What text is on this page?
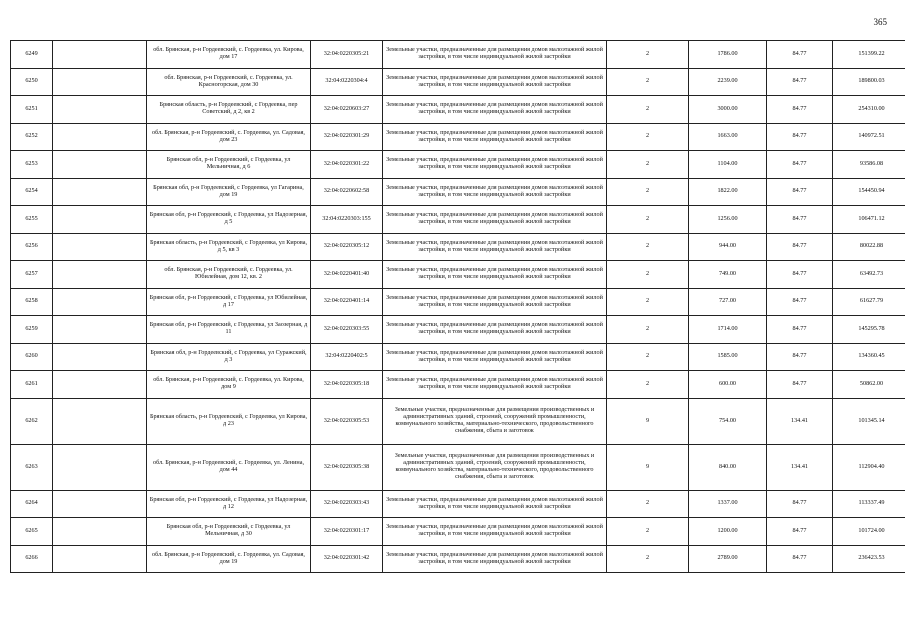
365
6249		обл. Брянская, р-н Гордеевский, с. Гордеевка, ул. Кирова, дом 17	32:04:0220305:21	Земельные участки, предназначенные для размещения домов малоэтажной жилой застройки, в том числе индивидуальной жилой застройки	2	1786.00	84.77	151399.22
6250		обл. Брянская, р-н Гордеевский, с. Гордеевка, ул. Красногорская, дом 30	32:04:0220304:4	Земельные участки, предназначенные для размещения домов малоэтажной жилой застройки, в том числе индивидуальной жилой застройки	2	2239.00	84.77	189800.03
6251		Брянская область, р-н Гордеевский, с Гордеевка, пер Советский, д 2, кв 2	32:04:0220603:27	Земельные участки, предназначенные для размещения домов малоэтажной жилой застройки, в том числе индивидуальной жилой застройки	2	3000.00	84.77	254310.00
6252		обл. Брянская, р-н Гордеевский, с. Гордеевка, ул. Садовая, дом 23	32:04:0220301:29	Земельные участки, предназначенные для размещения домов малоэтажной жилой застройки, в том числе индивидуальной жилой застройки	2	1663.00	84.77	140972.51
6253		Брянская обл, р-н Гордеевский, с Гордеевка, ул Мельничная, д 6	32:04:0220301:22	Земельные участки, предназначенные для размещения домов малоэтажной жилой застройки, в том числе индивидуальной жилой застройки	2	1104.00	84.77	93586.08
6254		Брянская обл, р-н Гордеевский, с Гордеевка, ул Гагарина, дом 19	32:04:0220602:58	Земельные участки, предназначенные для размещения домов малоэтажной жилой застройки, в том числе индивидуальной жилой застройки	2	1822.00	84.77	154450.94
6255		Брянская обл, р-н Гордеевский, с Гордеевка, ул Надозерная, д 5	32:04:0220303:155	Земельные участки, предназначенные для размещения домов малоэтажной жилой застройки, в том числе индивидуальной жилой застройки	2	1256.00	84.77	106471.12
6256		Брянская область, р-н Гордеевский, с Гордеевка, ул Кирова, д 5, кв 3	32:04:0220305:12	Земельные участки, предназначенные для размещения домов малоэтажной жилой застройки, в том числе индивидуальной жилой застройки	2	944.00	84.77	80022.88
6257		обл. Брянская, р-н Гордеевский, с. Гордеевка, ул. Юбилейная, дом 12, кв. 2	32:04:0220401:40	Земельные участки, предназначенные для размещения домов малоэтажной жилой застройки, в том числе индивидуальной жилой застройки	2	749.00	84.77	63492.73
6258		Брянская обл, р-н Гордеевский, с Гордеевка, ул Юбилейная, д 17	32:04:0220401:14	Земельные участки, предназначенные для размещения домов малоэтажной жилой застройки, в том числе индивидуальной жилой застройки	2	727.00	84.77	61627.79
6259		Брянская обл, р-н Гордеевский, с Гордеевка, ул Заозерная, д 11	32:04:0220303:55	Земельные участки, предназначенные для размещения домов малоэтажной жилой застройки, в том числе индивидуальной жилой застройки	2	1714.00	84.77	145295.78
6260		Брянская обл, р-н Гордеевский, с Гордеевка, ул Суражский, д 3	32:04:0220402:5	Земельные участки, предназначенные для размещения домов малоэтажной жилой застройки, в том числе индивидуальной жилой застройки	2	1585.00	84.77	134360.45
6261		обл. Брянская, р-н Гордеевский, с. Гордеевка, ул. Кирова, дом 9	32:04:0220305:18	Земельные участки, предназначенные для размещения домов малоэтажной жилой застройки, в том числе индивидуальной жилой застройки	2	600.00	84.77	50862.00
6262		Брянская область, р-н Гордеевский, с Гордеевка, ул Кирова, д 23	32:04:0220305:53	Земельные участки, предназначенные для размещения производственных и административных зданий, строений, сооружений промышленности, коммунального хозяйства, материально-технического, продовольственного снабжения, сбыта и заготовок	9	754.00	134.41	101345.14
6263		обл. Брянская, р-н Гордеевский, с. Гордеевка, ул. Ленина, дом 44	32:04:0220305:38	Земельные участки, предназначенные для размещения производственных и административных зданий, строений, сооружений промышленности, коммунального хозяйства, материально-технического, продовольственного снабжения, сбыта и заготовок	9	840.00	134.41	112904.40
6264		Брянская обл, р-н Гордеевский, с Гордеевка, ул Надозерная, д 12	32:04:0220303:43	Земельные участки, предназначенные для размещения домов малоэтажной жилой застройки, в том числе индивидуальной жилой застройки	2	1337.00	84.77	113337.49
6265		Брянская обл, р-н Гордеевский, с Гордеевка, ул Мельничная, д 30	32:04:0220301:17	Земельные участки, предназначенные для размещения домов малоэтажной жилой застройки, в том числе индивидуальной жилой застройки	2	1200.00	84.77	101724.00
6266		обл. Брянская, р-н Гордеевский, с. Гордеевка, ул. Садовая, дом 19	32:04:0220301:42	Земельные участки, предназначенные для размещения домов малоэтажной жилой застройки, в том числе индивидуальной жилой застройки	2	2789.00	84.77	236423.53
